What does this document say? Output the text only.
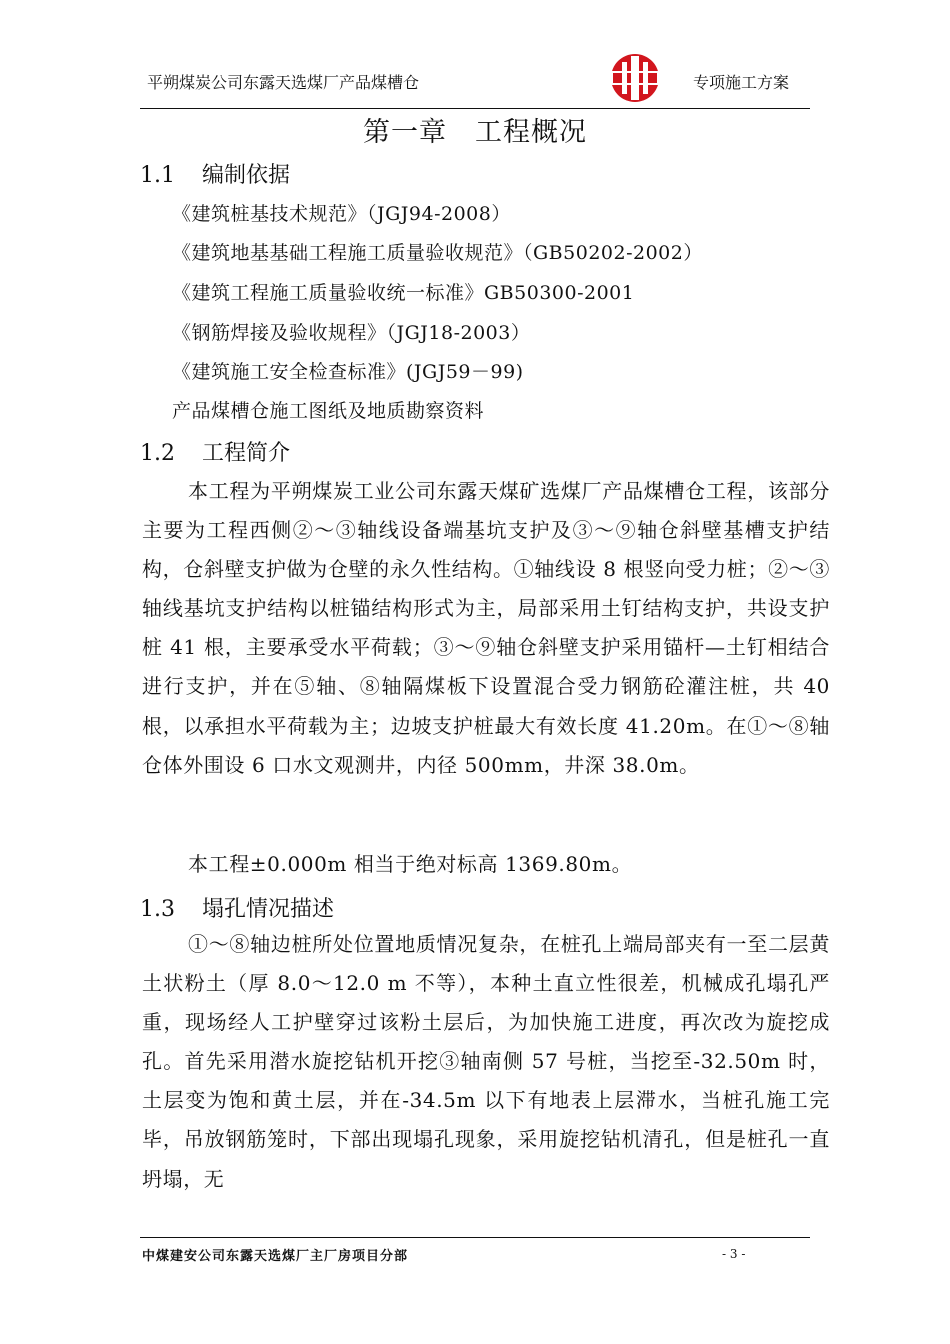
平朔煤炭公司东露天选煤厂产品煤槽仓	专项施工方案
第一章　工程概况
1.1 编制依据
《建筑桩基技术规范》（JGJ94-2008）
《建筑地基基础工程施工质量验收规范》（GB50202-2002）
《建筑工程施工质量验收统一标准》GB50300-2001
《钢筋焊接及验收规程》（JGJ18-2003）
《建筑施工安全检查标准》(JGJ59－99)
产品煤槽仓施工图纸及地质勘察资料
1.2 工程简介

本工程为平朔煤炭工业公司东露天煤矿选煤厂产品煤槽仓工程，该部分主要为工程西侧②～③轴线设备端基坑支护及③～⑨轴仓斜壁基槽支护结构，仓斜壁支护做为仓壁的永久性结构。①轴线设 8 根竖向受力桩；②～③轴线基坑支护结构以桩锚结构形式为主，局部采用土钉结构支护，共设支护桩 41 根，主要承受水平荷载；③～⑨轴仓斜壁支护采用锚杆—土钉相结合进行支护，并在⑤轴、⑧轴隔煤板下设置混合受力钢筋砼灌注桩，共 40 根，以承担水平荷载为主；边坡支护桩最大有效长度 41.20m。在①～⑧轴仓体外围设 6 口水文观测井，内径 500mm，井深 38.0m。

本工程±0.000m 相当于绝对标高 1369.80m。

1.3 塌孔情况描述

①～⑧轴边桩所处位置地质情况复杂，在桩孔上端局部夹有一至二层黄土状粉土（厚 8.0～12.0 m 不等），本种土直立性很差，机械成孔塌孔严重，现场经人工护壁穿过该粉土层后，为加快施工进度，再次改为旋挖成孔。首先采用潜水旋挖钻机开挖③轴南侧 57 号桩，当挖至-32.50m 时，土层变为饱和黄土层，并在-34.5m 以下有地表上层滞水，当桩孔施工完毕，吊放钢筋笼时，下部出现塌孔现象，采用旋挖钻机清孔，但是桩孔一直坍塌，无

中煤建安公司东露天选煤厂主厂房项目分部	- 3 -
